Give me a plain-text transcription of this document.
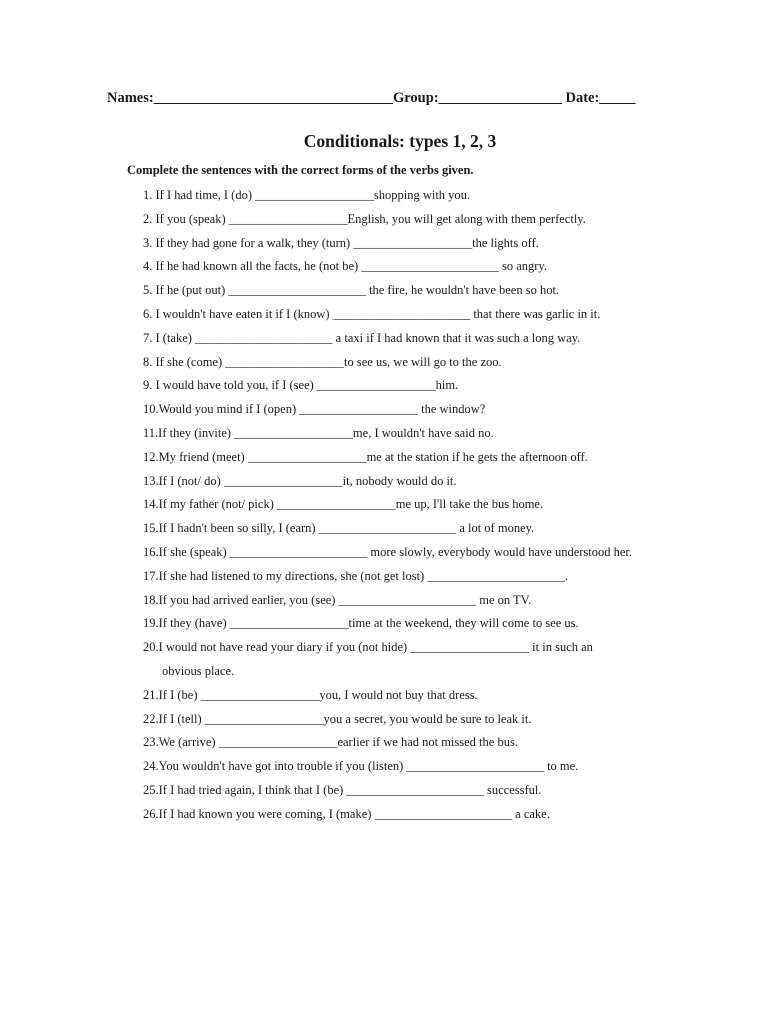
Names:_________________________________Group:_________________ Date:_____
Conditionals: types 1, 2, 3
Complete the sentences with the correct forms of the verbs given.
1. If I had time, I (do) ___________________shopping with you.
2. If you (speak) ___________________English, you will get along with them perfectly.
3. If they had gone for a walk, they (turn) ___________________the lights off.
4. If he had known all the facts, he (not be) ______________________ so angry.
5. If he (put out) ______________________ the fire, he wouldn't have been so hot.
6. I wouldn't have eaten it if I (know) ______________________ that there was garlic in it.
7. I (take) ______________________ a taxi if I had known that it was such a long way.
8. If she (come) ___________________to see us, we will go to the zoo.
9. I would have told you, if I (see) ___________________him.
10.Would you mind if I (open) ___________________ the window?
11.If they (invite) ___________________me, I wouldn't have said no.
12.My friend (meet) ___________________me at the station if he gets the afternoon off.
13.If I (not/ do) ___________________it, nobody would do it.
14.If my father (not/ pick) ___________________me up, I'll take the bus home.
15.If I hadn't been so silly, I (earn) ______________________ a lot of money.
16.If she (speak) ______________________ more slowly, everybody would have understood her.
17.If she had listened to my directions, she (not get lost) ______________________.
18.If you had arrived earlier, you (see) ______________________ me on TV.
19.If they (have) ___________________time at the weekend, they will come to see us.
20.I would not have read your diary if you (not hide) ___________________ it in such an
obvious place.
21.If I (be) ___________________you, I would not buy that dress.
22.If I (tell) ___________________you a secret, you would be sure to leak it.
23.We (arrive) ___________________earlier if we had not missed the bus.
24.You wouldn't have got into trouble if you (listen) ______________________ to me.
25.If I had tried again, I think that I (be) ______________________ successful.
26.If I had known you were coming, I (make) ______________________ a cake.
